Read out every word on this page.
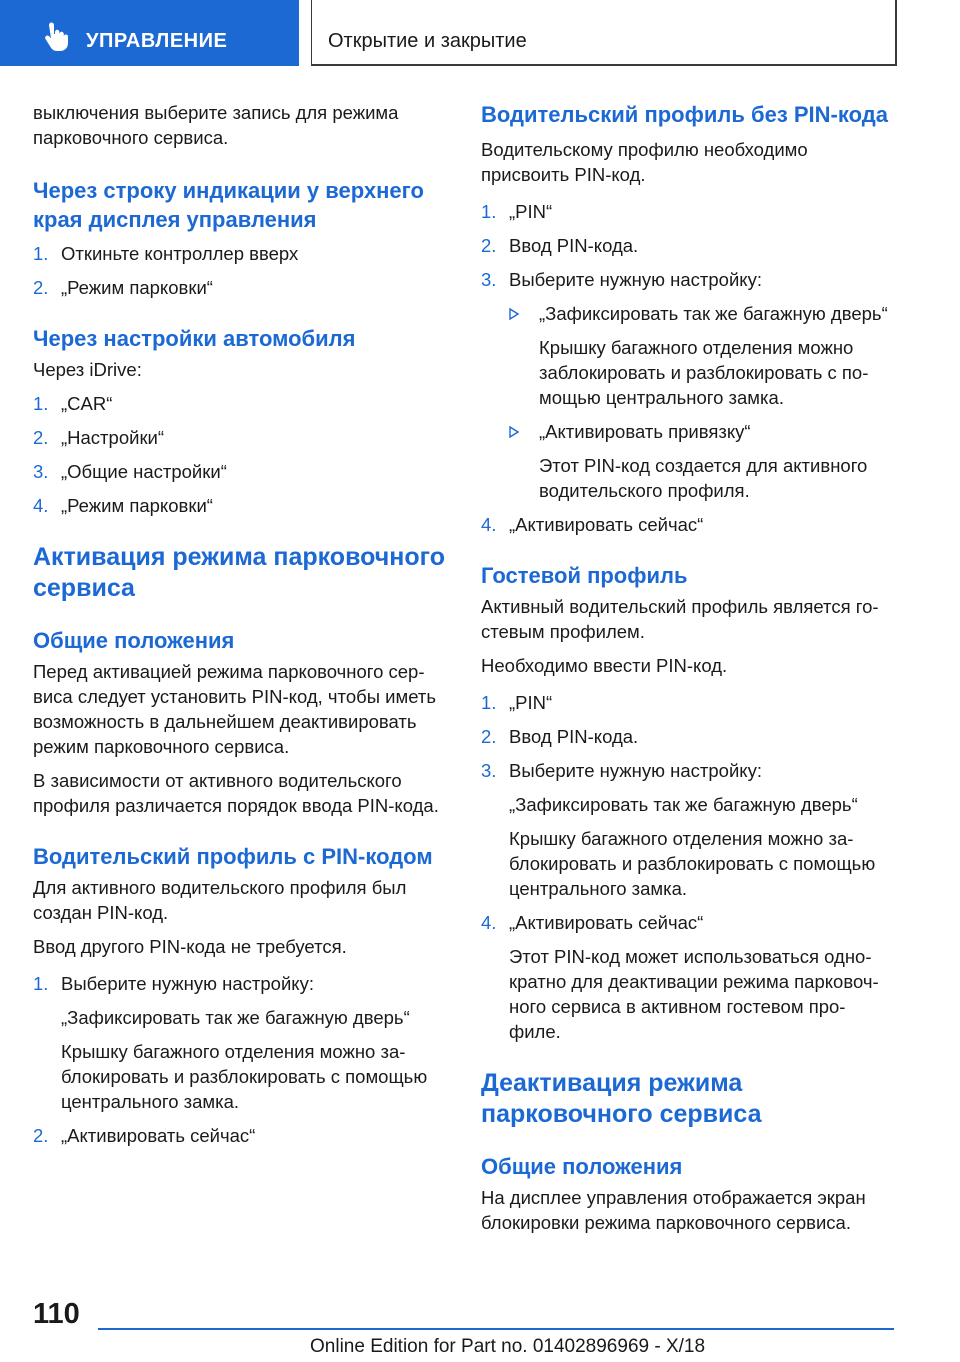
УПРАВЛЕНИЕ	Открытие и закрытие

выключения выберите запись для режима парковочного сервиса.

Через строку индикации у верхнего края дисплея управления
1. Откиньте контроллер вверх
2. „Режим парковки“
Через настройки автомобиля

Через iDrive:

1. „CAR“
2. „Настройки“
3. „Общие настройки“
4. „Режим парковки“
Активация режима парковочного сервиса
Общие положения

Перед активацией режима парковочного сер-виса следует установить PIN-код, чтобы иметь возможность в дальнейшем деактивировать режим парковочного сервиса.

В зависимости от активного водительского профиля различается порядок ввода PIN-кода.

Водительский профиль с PIN-кодом

Для активного водительского профиля был создан PIN-код.

Ввод другого PIN-кода не требуется.

1. Выберите нужную настройку:
„Зафиксировать так же багажную дверь“
Крышку багажного отделения можно за-блокировать и разблокировать с помощью центрального замка.
2. „Активировать сейчас“
Водительский профиль без PIN-кода

Водительскому профилю необходимо присвоить PIN-код.

1. „PIN“
2. Ввод PIN-кода.
3. Выберите нужную настройку:
„Зафиксировать так же багажную дверь“
Крышку багажного отделения можно заблокировать и разблокировать с по-мощью центрального замка.
„Активировать привязку“
Этот PIN-код создается для активного водительского профиля.
4. „Активировать сейчас“
Гостевой профиль

Активный водительский профиль является го-стевым профилем.

Необходимо ввести PIN-код.

1. „PIN“
2. Ввод PIN-кода.
3. Выберите нужную настройку:
„Зафиксировать так же багажную дверь“
Крышку багажного отделения можно за-блокировать и разблокировать с помощью центрального замка.
4. „Активировать сейчас“
Этот PIN-код может использоваться одно-кратно для деактивации режима парковоч-ного сервиса в активном гостевом про-филе.
Деактивация режима парковочного сервиса
Общие положения

На дисплее управления отображается экран блокировки режима парковочного сервиса.

110
Online Edition for Part no. 01402896969 - X/18
